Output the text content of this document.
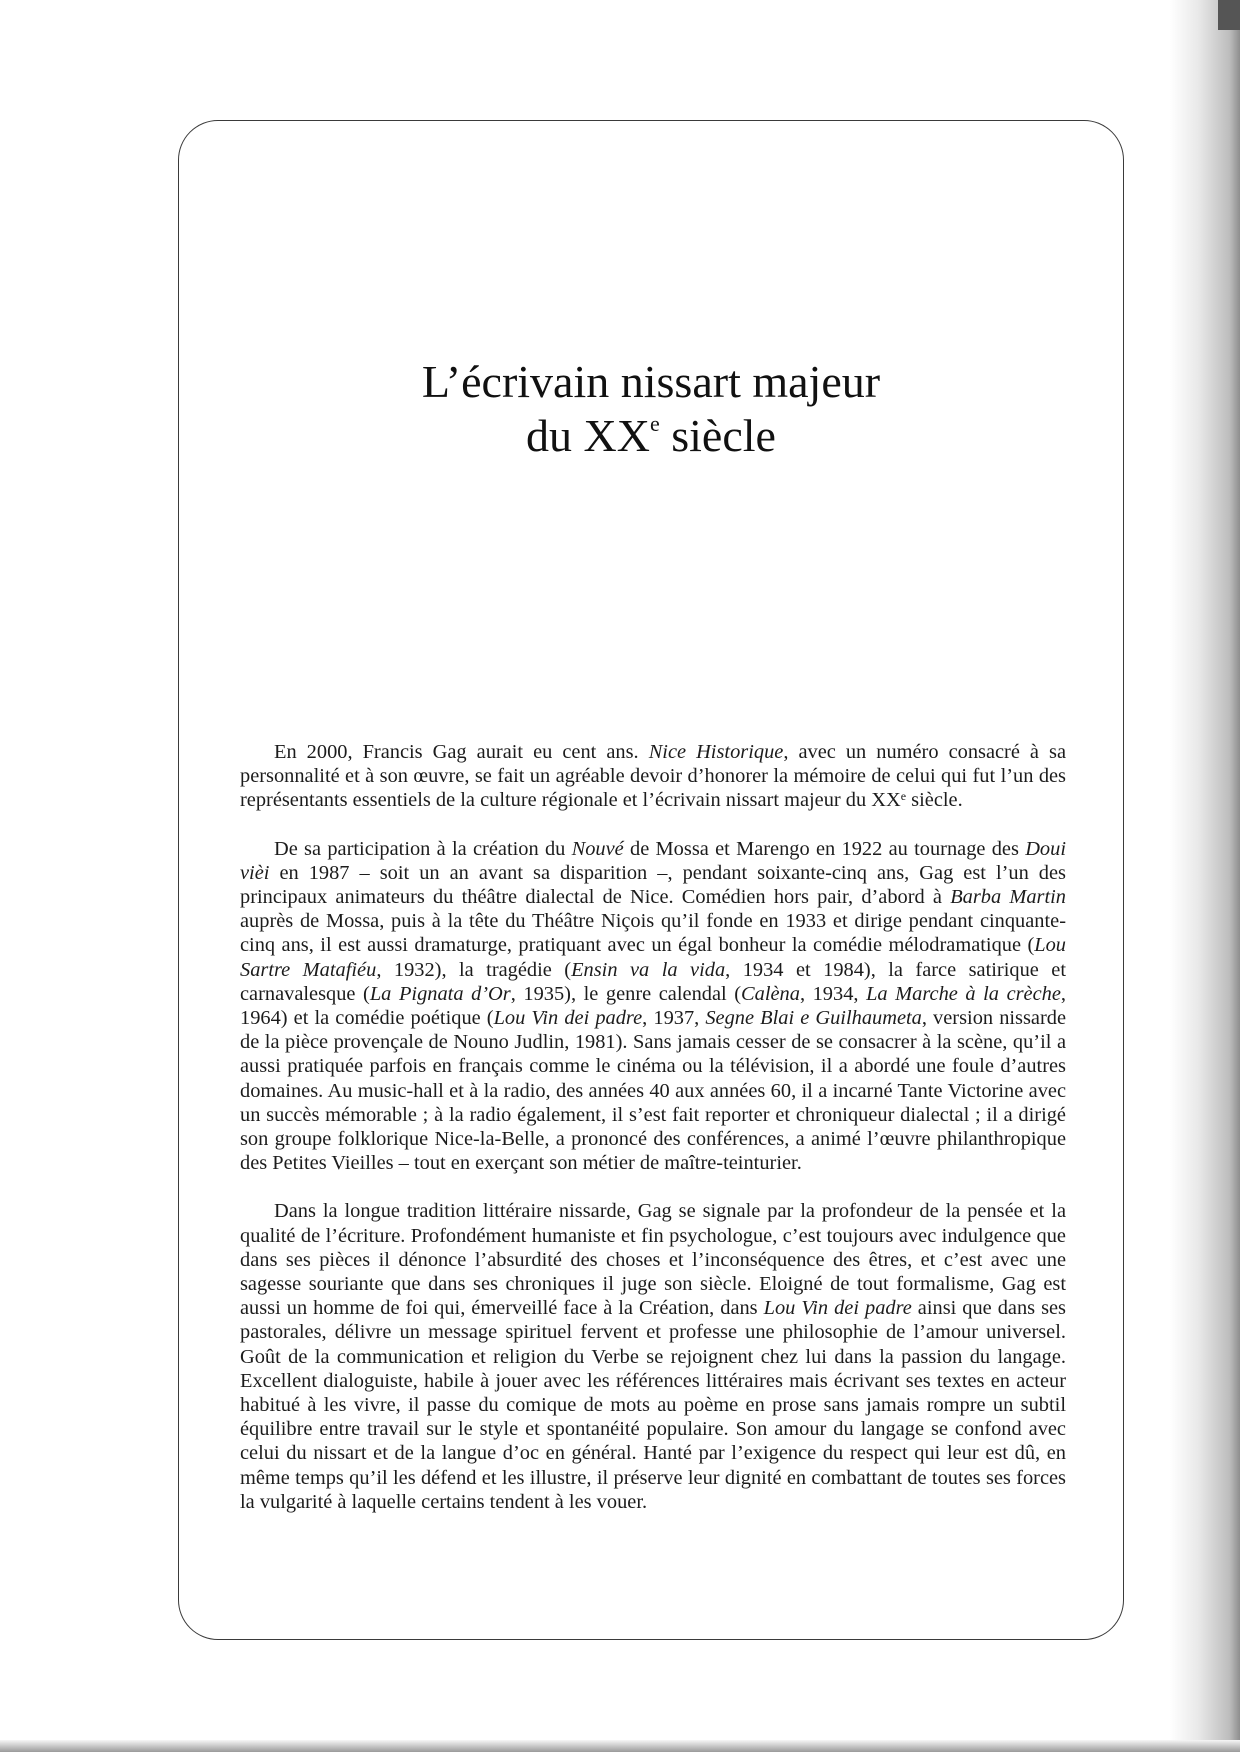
L’écrivain nissart majeur
du XXe siècle

En 2000, Francis Gag aurait eu cent ans. Nice Historique, avec un numéro consacré à sa personnalité et à son œuvre, se fait un agréable devoir d’honorer la mémoire de celui qui fut l’un des représentants essentiels de la culture régionale et l’écrivain nissart majeur du XXe siècle.

De sa participation à la création du Nouvé de Mossa et Marengo en 1922 au tournage des Doui vièi en 1987 – soit un an avant sa disparition –, pendant soixante-cinq ans, Gag est l’un des principaux animateurs du théâtre dialectal de Nice. Comédien hors pair, d’abord à Barba Martin auprès de Mossa, puis à la tête du Théâtre Niçois qu’il fonde en 1933 et dirige pendant cinquante-cinq ans, il est aussi dramaturge, pratiquant avec un égal bonheur la comédie mélodramatique (Lou Sartre Matafiéu, 1932), la tragédie (Ensin va la vida, 1934 et 1984), la farce satirique et carnavalesque (La Pignata d’Or, 1935), le genre calendal (Calèna, 1934, La Marche à la crèche, 1964) et la comédie poétique (Lou Vin dei padre, 1937, Segne Blai e Guilhaumeta, version nissarde de la pièce provençale de Nouno Judlin, 1981). Sans jamais cesser de se consacrer à la scène, qu’il a aussi pratiquée parfois en français comme le cinéma ou la télévision, il a abordé une foule d’autres domaines. Au music-hall et à la radio, des années 40 aux années 60, il a incarné Tante Victorine avec un succès mémorable ; à la radio également, il s’est fait reporter et chroniqueur dialectal ; il a dirigé son groupe folklorique Nice-la-Belle, a prononcé des conférences, a animé l’œuvre philanthropique des Petites Vieilles – tout en exerçant son métier de maître-teinturier.

Dans la longue tradition littéraire nissarde, Gag se signale par la profondeur de la pensée et la qualité de l’écriture. Profondément humaniste et fin psychologue, c’est toujours avec indulgence que dans ses pièces il dénonce l’absurdité des choses et l’inconséquence des êtres, et c’est avec une sagesse souriante que dans ses chroniques il juge son siècle. Eloigné de tout formalisme, Gag est aussi un homme de foi qui, émerveillé face à la Création, dans Lou Vin dei padre ainsi que dans ses pastorales, délivre un message spirituel fervent et professe une philosophie de l’amour universel. Goût de la communication et religion du Verbe se rejoignent chez lui dans la passion du langage. Excellent dialoguiste, habile à jouer avec les références littéraires mais écrivant ses textes en acteur habitué à les vivre, il passe du comique de mots au poème en prose sans jamais rompre un subtil équilibre entre travail sur le style et spontanéité populaire. Son amour du langage se confond avec celui du nissart et de la langue d’oc en général. Hanté par l’exigence du respect qui leur est dû, en même temps qu’il les défend et les illustre, il préserve leur dignité en combattant de toutes ses forces la vulgarité à laquelle certains tendent à les vouer.
